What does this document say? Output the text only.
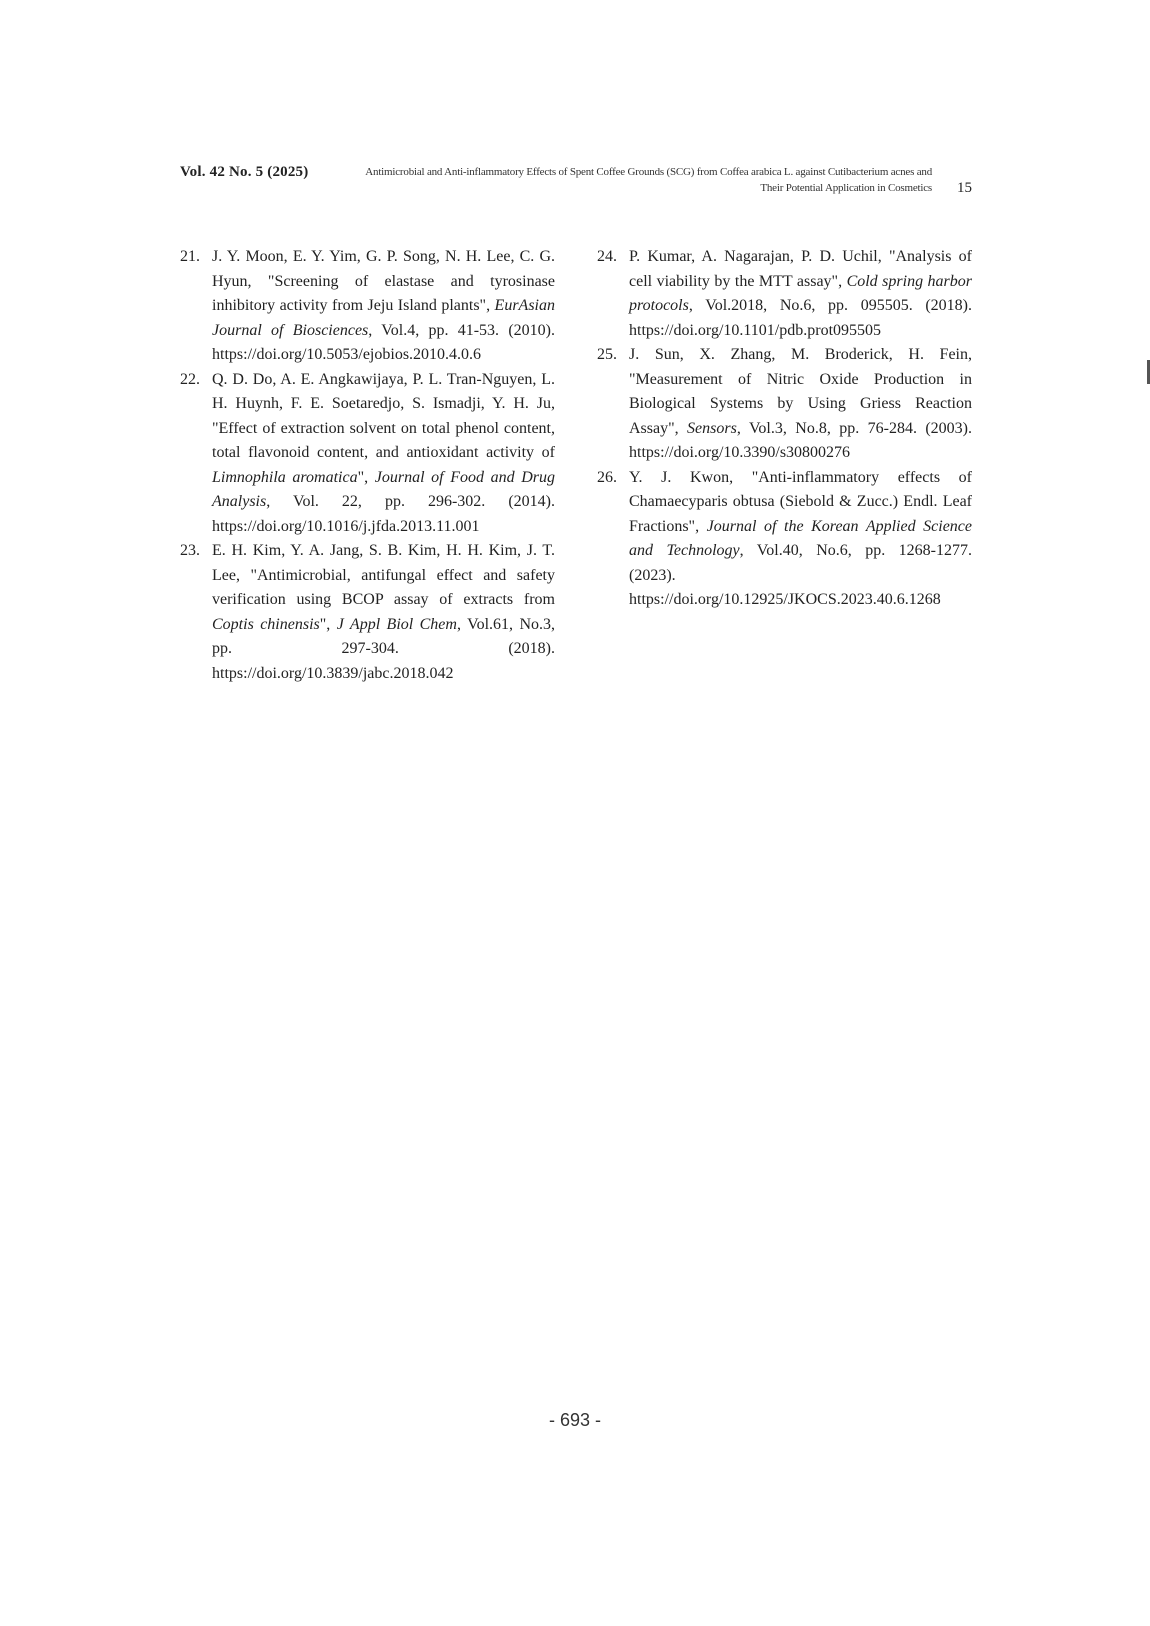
Vol. 42 No. 5 (2025)	Antimicrobial and Anti-inflammatory Effects of Spent Coffee Grounds (SCG) from Coffea arabica L. against Cutibacterium acnes and
Their Potential Application in Cosmetics 15
21. J. Y. Moon, E. Y. Yim, G. P. Song, N. H. Lee, C. G. Hyun, "Screening of elastase and tyrosinase inhibitory activity from Jeju Island plants", EurAsian Journal of Biosciences, Vol.4, pp. 41-53. (2010). https://doi.org/10.5053/ejobios.2010.4.0.6
22. Q. D. Do, A. E. Angkawijaya, P. L. Tran-Nguyen, L. H. Huynh, F. E. Soetaredjo, S. Ismadji, Y. H. Ju, "Effect of extraction solvent on total phenol content, total flavonoid content, and antioxidant activity of Limnophila aromatica", Journal of Food and Drug Analysis, Vol. 22, pp. 296-302. (2014). https://doi.org/10.1016/j.jfda.2013.11.001
23. E. H. Kim, Y. A. Jang, S. B. Kim, H. H. Kim, J. T. Lee, "Antimicrobial, antifungal effect and safety verification using BCOP assay of extracts from Coptis chinensis", J Appl Biol Chem, Vol.61, No.3, pp. 297-304. (2018). https://doi.org/10.3839/jabc.2018.042
24. P. Kumar, A. Nagarajan, P. D. Uchil, "Analysis of cell viability by the MTT assay", Cold spring harbor protocols, Vol.2018, No.6, pp. 095505. (2018). https://doi.org/10.1101/pdb.prot095505
25. J. Sun, X. Zhang, M. Broderick, H. Fein, "Measurement of Nitric Oxide Production in Biological Systems by Using Griess Reaction Assay", Sensors, Vol.3, No.8, pp. 76-284. (2003). https://doi.org/10.3390/s30800276
26. Y. J. Kwon, "Anti-inflammatory effects of Chamaecyparis obtusa (Siebold & Zucc.) Endl. Leaf Fractions", Journal of the Korean Applied Science and Technology, Vol.40, No.6, pp. 1268-1277. (2023). https://doi.org/10.12925/JKOCS.2023.40.6.1268
- 693 -
